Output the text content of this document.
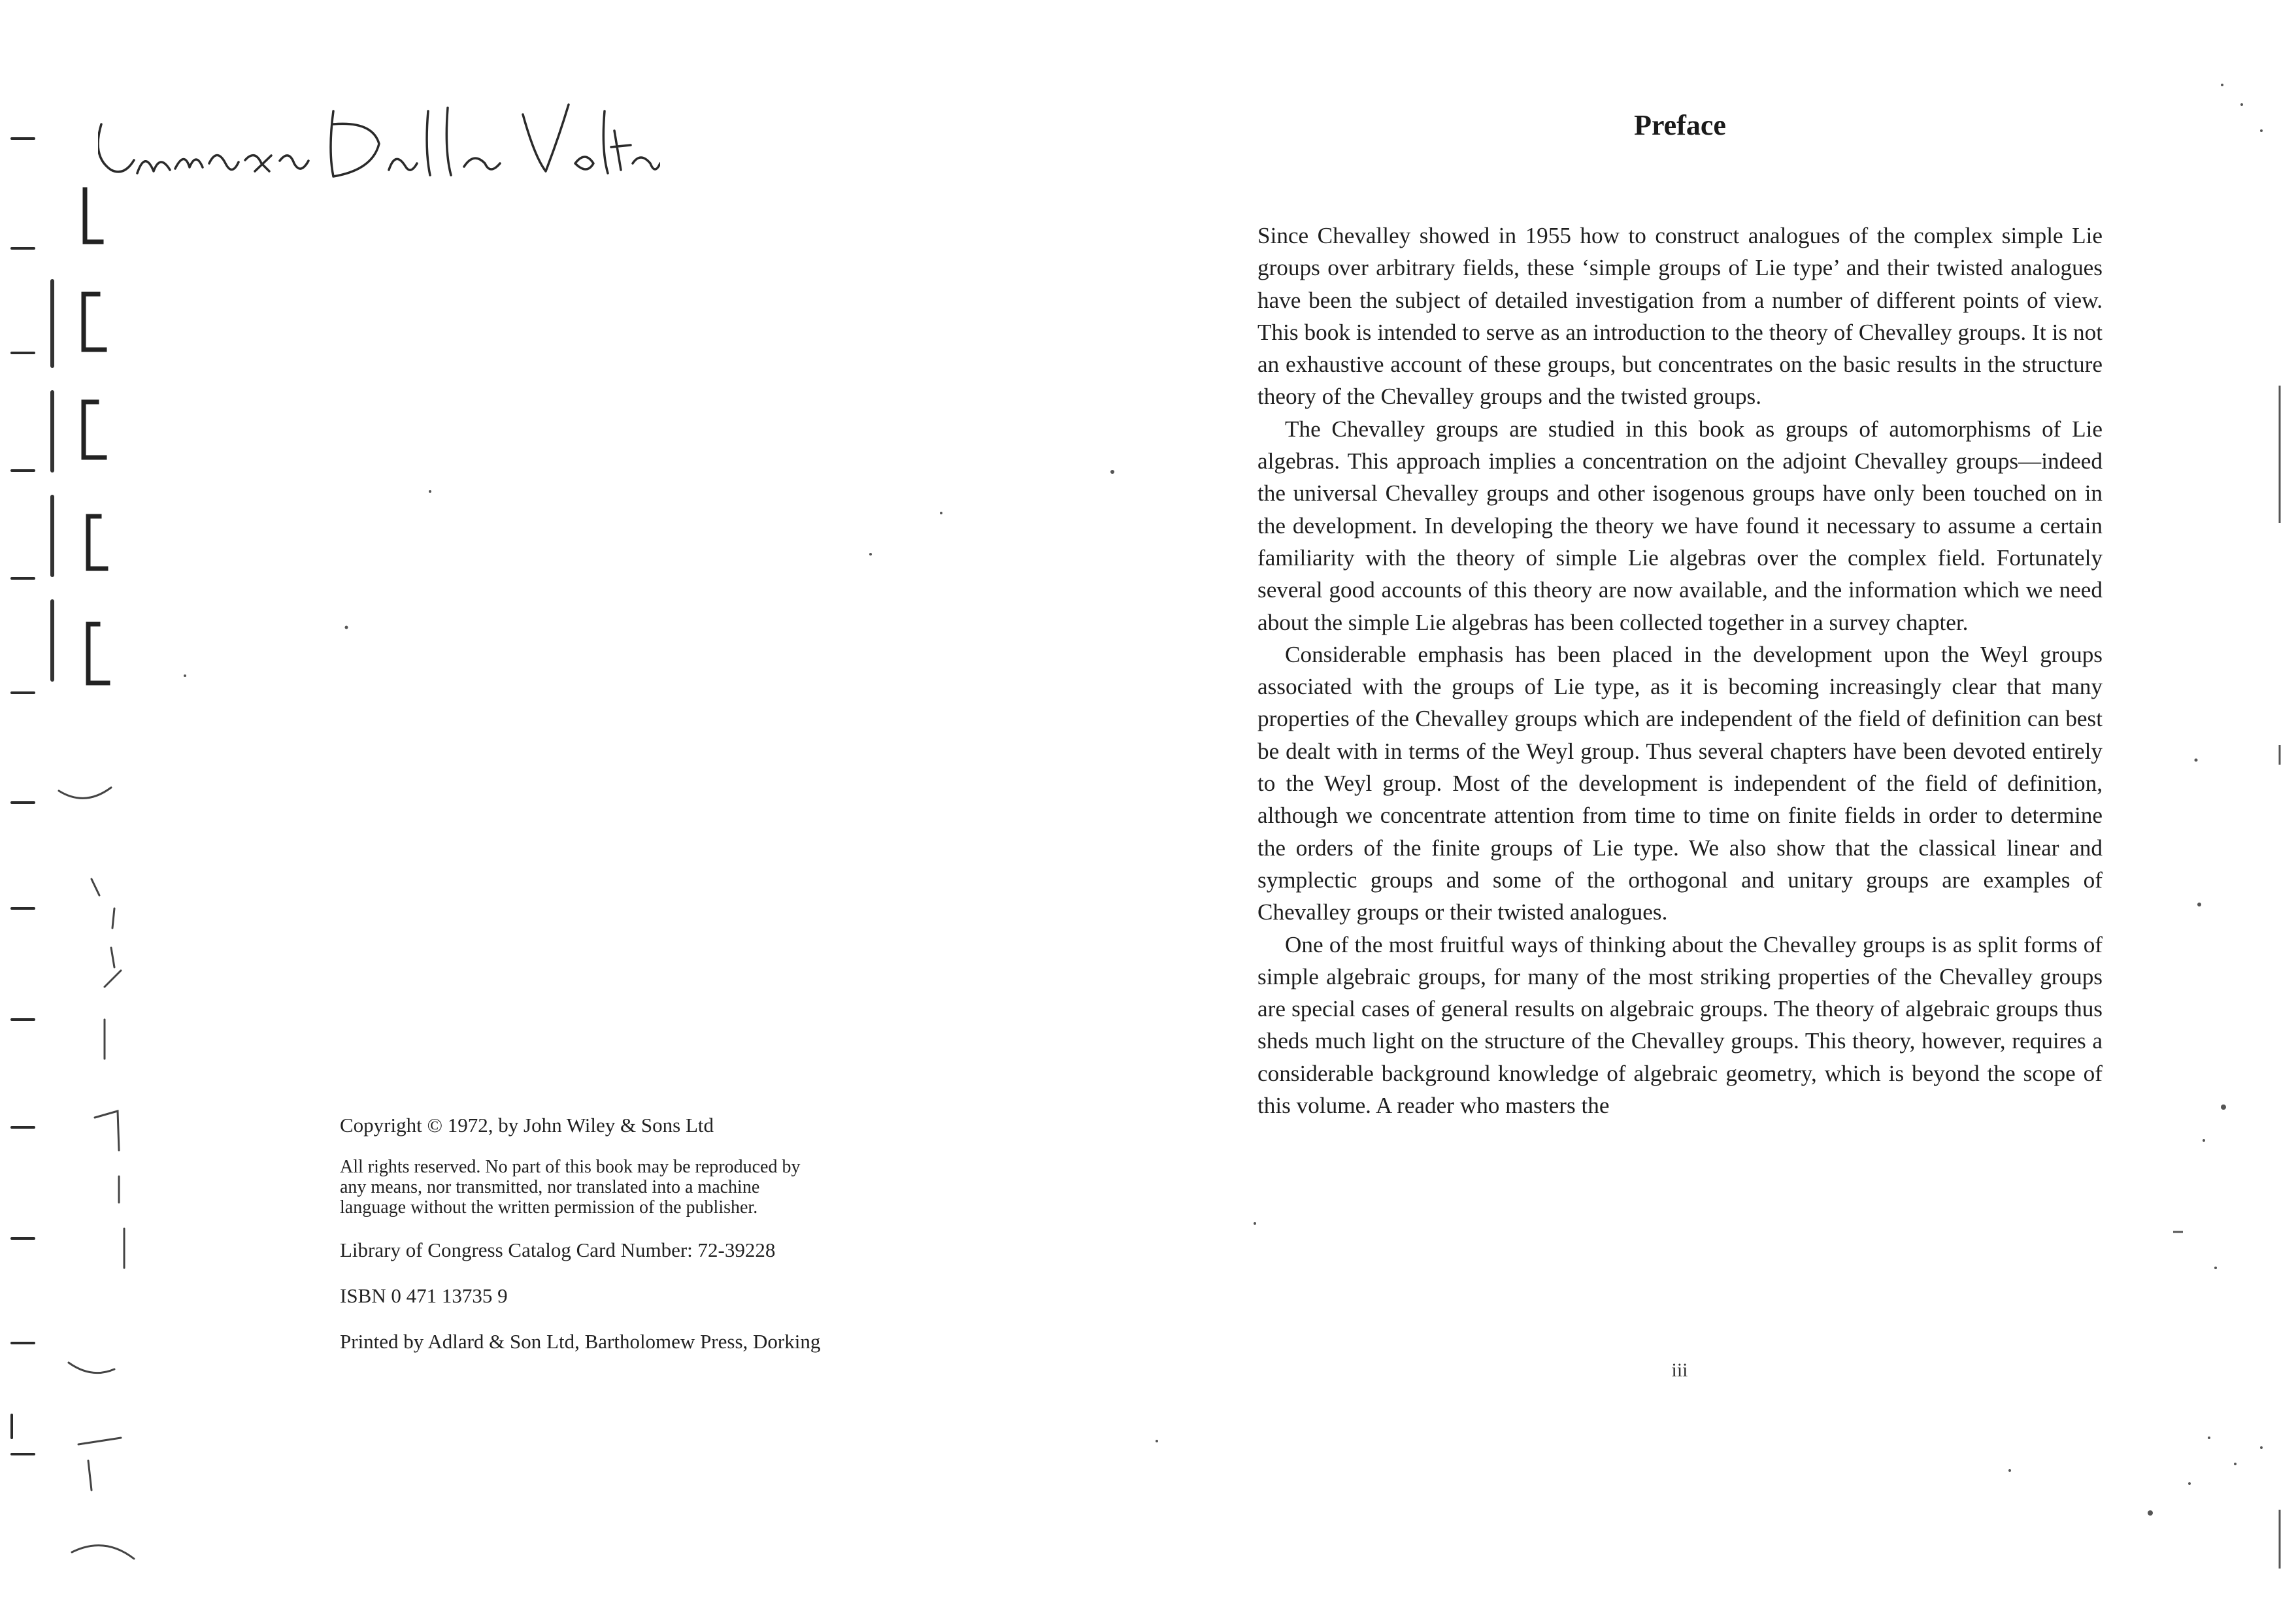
Copyright © 1972, by John Wiley & Sons Ltd

All rights reserved. No part of this book may be reproduced by
any means, nor transmitted, nor translated into a machine
language without the written permission of the publisher.

Library of Congress Catalog Card Number: 72-39228

ISBN 0 471 13735 9

Printed by Adlard & Son Ltd, Bartholomew Press, Dorking

Preface

Since Chevalley showed in 1955 how to construct analogues of the complex simple Lie groups over arbitrary fields, these ‘simple groups of Lie type’ and their twisted analogues have been the subject of detailed investigation from a number of different points of view. This book is intended to serve as an introduction to the theory of Chevalley groups. It is not an exhaustive account of these groups, but concentrates on the basic results in the structure theory of the Chevalley groups and the twisted groups.

The Chevalley groups are studied in this book as groups of automorphisms of Lie algebras. This approach implies a concentration on the adjoint Chevalley groups—indeed the universal Chevalley groups and other isogenous groups have only been touched on in the development. In developing the theory we have found it necessary to assume a certain familiarity with the theory of simple Lie algebras over the complex field. Fortunately several good accounts of this theory are now available, and the information which we need about the simple Lie algebras has been collected together in a survey chapter.

Considerable emphasis has been placed in the development upon the Weyl groups associated with the groups of Lie type, as it is becoming increasingly clear that many properties of the Chevalley groups which are independent of the field of definition can best be dealt with in terms of the Weyl group. Thus several chapters have been devoted entirely to the Weyl group. Most of the development is independent of the field of definition, although we concentrate attention from time to time on finite fields in order to determine the orders of the finite groups of Lie type. We also show that the classical linear and symplectic groups and some of the orthogonal and unitary groups are examples of Chevalley groups or their twisted analogues.

One of the most fruitful ways of thinking about the Chevalley groups is as split forms of simple algebraic groups, for many of the most striking properties of the Chevalley groups are special cases of general results on algebraic groups. The theory of algebraic groups thus sheds much light on the structure of the Chevalley groups. This theory, however, requires a considerable background knowledge of algebraic geometry, which is beyond the scope of this volume. A reader who masters the

iii
